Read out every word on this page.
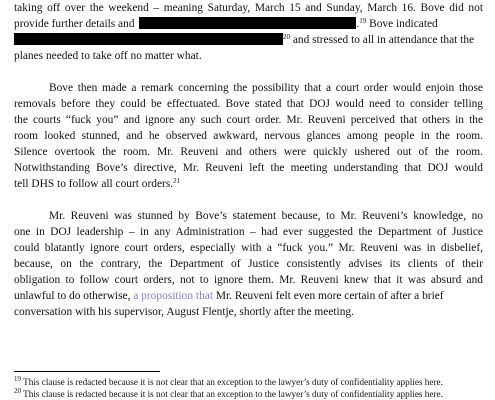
taking off over the weekend – meaning Saturday, March 15 and Sunday, March 16. Bove did not
provide further details and	.$^{19}$ Bove indicated
$^{20}$ and stressed to all in attendance that the
planes needed to take off no matter what.
Bove then made a remark concerning the possibility that a court order would enjoin those
removals before they could be effectuated. Bove stated that DOJ would need to consider telling
the courts “fuck you” and ignore any such court order. Mr. Reuveni perceived that others in the
room looked stunned, and he observed awkward, nervous glances among people in the room.
Silence overtook the room. Mr. Reuveni and others were quickly ushered out of the room.
Notwithstanding Bove’s directive, Mr. Reuveni left the meeting understanding that DOJ would
tell DHS to follow all court orders.$^{21}$
Mr. Reuveni was stunned by Bove’s statement because, to Mr. Reuveni’s knowledge, no
one in DOJ leadership – in any Administration – had ever suggested the Department of Justice
could blatantly ignore court orders, especially with a “fuck you.” Mr. Reuveni was in disbelief,
because, on the contrary, the Department of Justice consistently advises its clients of their
obligation to follow court orders, not to ignore them. Mr. Reuveni knew that it was absurd and
unlawful to do otherwise, a proposition that Mr. Reuveni felt even more certain of after a brief
conversation with his supervisor, August Flentje, shortly after the meeting.
$^{19}$ This clause is redacted because it is not clear that an exception to the lawyer’s duty of confidentiality applies here.
$^{20}$ This clause is redacted because it is not clear that an exception to the lawyer’s duty of confidentiality applies here.
